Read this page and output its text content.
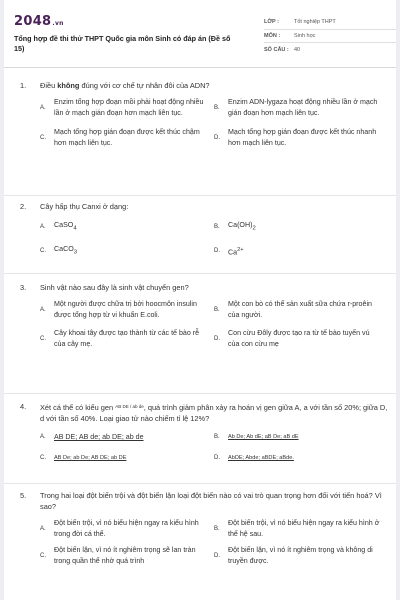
2048.vn
Tổng hợp đề thi thử THPT Quốc gia môn Sinh có đáp án (Đề số 15)
LỚP :	Tốt nghiệp THPT
MÔN :	Sinh học
SỐ CÂU : 40
1.	Điều không đúng với cơ chế tự nhân đôi của ADN?
A.
Enzim tổng hợp đoạn mồi phải hoạt động nhiều lần ở mạch gián đoạn hơn mạch liên tục.
B.
Enzim ADN-lygaza hoạt động nhiều lần ở mạch gián đoạn hơn mạch liên tục.
C.
Mạch tổng hợp gián đoạn được kết thúc chậm hơn mạch liên tục.
D.
Mạch tổng hợp gián đoạn được kết thúc nhanh hơn mạch liên tục.
2.	Cây hấp thụ Canxi ở dạng:
A.	CaSO$_4$	B.	$Ca(OH)_2$
C.	CaCO$_3$	D.	$Ca^{2+}$
3.	Sinh vật nào sau đây là sinh vật chuyển gen?
A.
Một người được chữa trị bởi hoocmôn insulin được tổng hợp từ vi khuẩn E.coli.
B.
Một con bò có thể sản xuất sữa chứa r-proêin của người.
C.
Cây khoai tây được tạo thành từ các tế bào rễ của cây mẹ.
D.
Con cừu Đôly được tạo ra từ tế bào tuyến vú của con cừu mẹ
4.	Xét cá thể có kiểu gen $^{AB DE / ab de}$, quá trình giảm phân xảy ra hoán vị gen giữa A, a với tần số 20%; giữa D, d với tần số 40%. Loại giao tử nào chiếm tỉ lệ 12%?
A.	AB DE; AB de; ab DE; ab de	B.	Ab De; Ab dE; aB De; aB dE
C.	AB De; ab De; AB DE; ab DE	D.	AbDE; Abde; aBDE; aBde.
5.	Trong hai loại đột biến trội và đột biến lặn loại đột biến nào có vai trò quan trọng hơn đối với tiến hoá? Vì sao?
A.
Đột biến trội, vì nó biểu hiện ngay ra kiểu hình trong đời cá thể.
B.
Đột biến trội, vì nó biểu hiện ngay ra kiểu hình ở thế hệ sau.
C.
Đột biến lặn, vì nó ít nghiêm trọng sẽ lan tràn trong quần thể nhờ quá trình
D.
Đột biến lặn, vì nó ít nghiêm trọng và không di truyền được.
